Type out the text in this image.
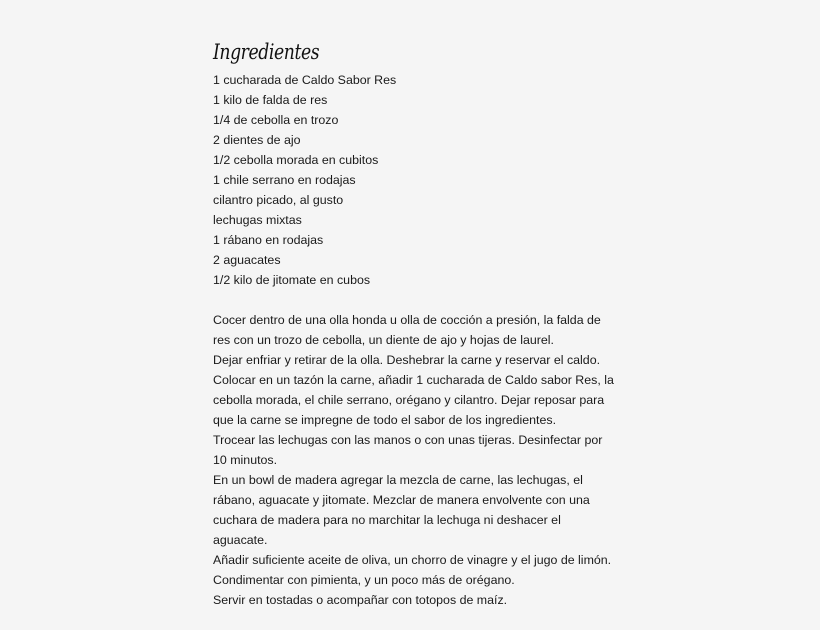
Ingredientes
1 cucharada de Caldo Sabor Res
1 kilo de falda de res
1/4 de cebolla en trozo
2 dientes de ajo
1/2 cebolla morada en cubitos
1 chile serrano en rodajas
cilantro picado, al gusto
lechugas mixtas
1 rábano en rodajas
2 aguacates
1/2 kilo de jitomate en cubos

Cocer dentro de una olla honda u olla de cocción a presión, la falda de res con un trozo de cebolla, un diente de ajo y hojas de laurel.

Dejar enfriar y retirar de la olla. Deshebrar la carne y reservar el caldo.

Colocar en un tazón la carne, añadir 1 cucharada de Caldo sabor Res, la cebolla morada, el chile serrano, orégano y cilantro. Dejar reposar para que la carne se impregne de todo el sabor de los ingredientes.

Trocear las lechugas con las manos o con unas tijeras. Desinfectar por 10 minutos.

En un bowl de madera agregar la mezcla de carne, las lechugas, el rábano, aguacate y jitomate. Mezclar de manera envolvente con una cuchara de madera para no marchitar la lechuga ni deshacer el aguacate.

Añadir suficiente aceite de oliva, un chorro de vinagre y el jugo de limón.

Condimentar con pimienta, y un poco más de orégano.

Servir en tostadas o acompañar con totopos de maíz.
